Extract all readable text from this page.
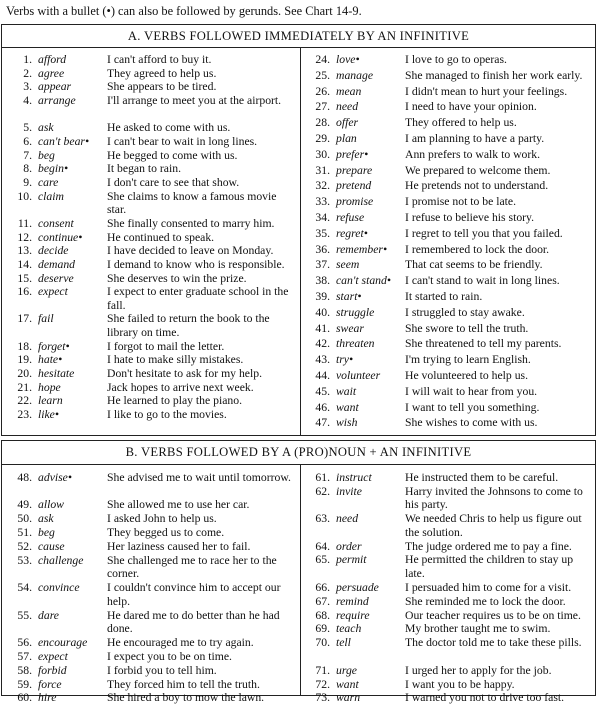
Verbs with a bullet (•) can also be followed by gerunds. See Chart 14-9.
A. VERBS FOLLOWED IMMEDIATELY BY AN INFINITIVE
1. afford	I can't afford to buy it.
2. agree	They agreed to help us.
3. appear	She appears to be tired.
4. arrange	I'll arrange to meet you at the airport.
5. ask	He asked to come with us.
6. can't bear• I can't bear to wait in long lines.
7. beg	He begged to come with us.
8. begin•	It began to rain.
9. care	I don't care to see that show.
10. claim	She claims to know a famous movie star.
11. consent	She finally consented to marry him.
12. continue• He continued to speak.
13. decide	I have decided to leave on Monday.
14. demand	I demand to know who is responsible.
15. deserve	She deserves to win the prize.
16. expect	I expect to enter graduate school in the fall.
17. fail	She failed to return the book to the library on time.
18. forget•	I forgot to mail the letter.
19. hate•	I hate to make silly mistakes.
20. hesitate	Don't hesitate to ask for my help.
21. hope	Jack hopes to arrive next week.
22. learn	He learned to play the piano.
23. like•	I like to go to the movies.
24. love•	I love to go to operas.
25. manage	She managed to finish her work early.
26. mean	I didn't mean to hurt your feelings.
27. need	I need to have your opinion.
28. offer	They offered to help us.
29. plan	I am planning to have a party.
30. prefer•	Ann prefers to walk to work.
31. prepare	We prepared to welcome them.
32. pretend	He pretends not to understand.
33. promise	I promise not to be late.
34. refuse	I refuse to believe his story.
35. regret•	I regret to tell you that you failed.
36. remember• I remembered to lock the door.
37. seem	That cat seems to be friendly.
38. can't stand• I can't stand to wait in long lines.
39. start•	It started to rain.
40. struggle	I struggled to stay awake.
41. swear	She swore to tell the truth.
42. threaten	She threatened to tell my parents.
43. try•	I'm trying to learn English.
44. volunteer He volunteered to help us.
45. wait	I will wait to hear from you.
46. want	I want to tell you something.
47. wish	She wishes to come with us.
B. VERBS FOLLOWED BY A (PRO)NOUN + AN INFINITIVE
48. advise•	She advised me to wait until tomorrow.
49. allow	She allowed me to use her car.
50. ask	I asked John to help us.
51. beg	They begged us to come.
52. cause	Her laziness caused her to fail.
53. challenge She challenged me to race her to the corner.
54. convince I couldn't convince him to accept our help.
55. dare	He dared me to do better than he had done.
56. encourage He encouraged me to try again.
57. expect	I expect you to be on time.
58. forbid	I forbid you to tell him.
59. force	They forced him to tell the truth.
60. hire	She hired a boy to mow the lawn.
61. instruct	He instructed them to be careful.
62. invite	Harry invited the Johnsons to come to his party.
63. need	We needed Chris to help us figure out the solution.
64. order	The judge ordered me to pay a fine.
65. permit	He permitted the children to stay up late.
66. persuade I persuaded him to come for a visit.
67. remind	She reminded me to lock the door.
68. require	Our teacher requires us to be on time.
69. teach	My brother taught me to swim.
70. tell	The doctor told me to take these pills.
71. urge	I urged her to apply for the job.
72. want	I want you to be happy.
73. warn	I warned you not to drive too fast.
